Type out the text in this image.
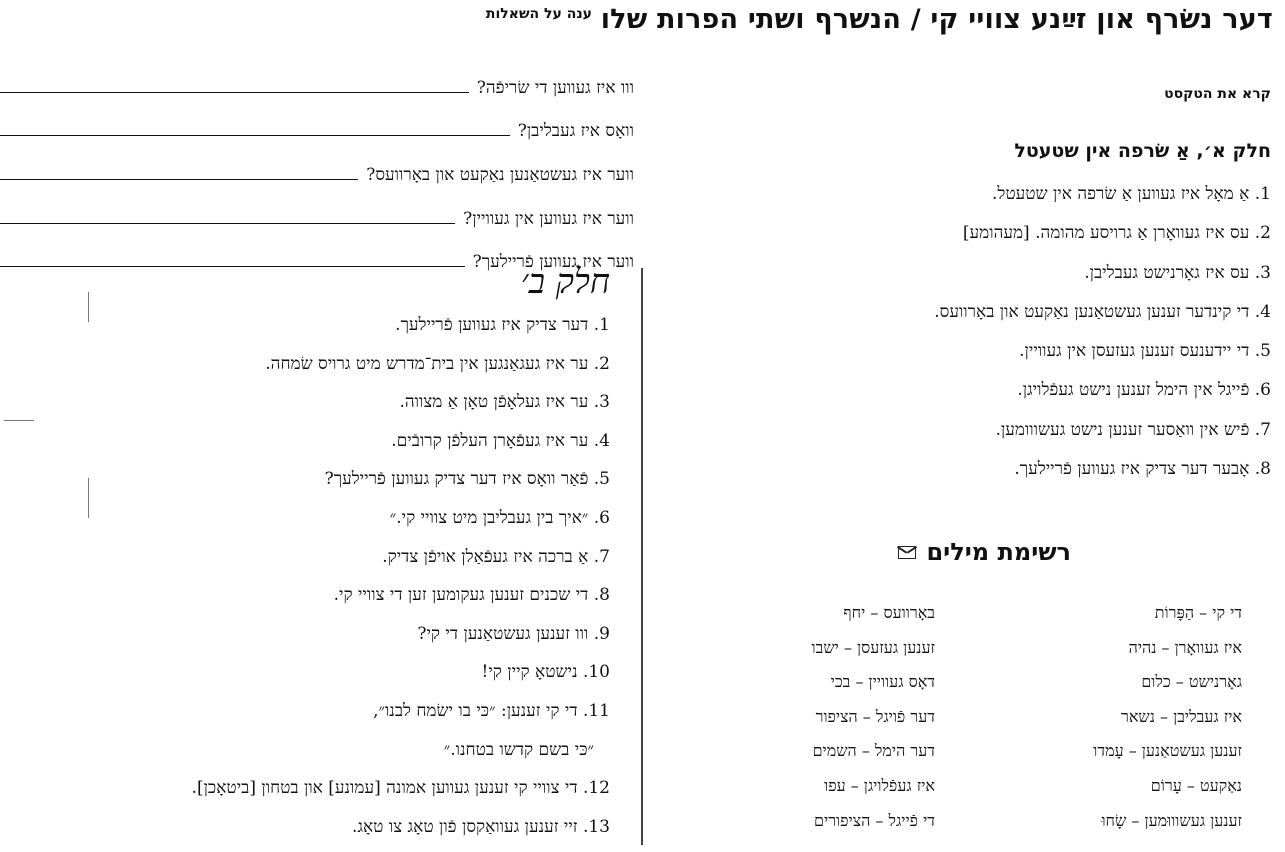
דער נשׂרף און זײַנע צוויי קי / הנשרף ושתי הפרות שלו
קרא את הטקסט
חלק א׳, אַ שׂרפה אין שטעטל
1. אַ מאָל איז געווען אַ שׂרפה אין שטעטל.
2. עס איז געוואָרן אַ גרויסע מהומה. [מעהומע]
3. עס איז גאָרנישט געבליבן.
4. די קינדער זענען געשטאַנען נאַקעט און באָרוועס.
5. די יידענעס זענען געזעסן אין געוויין.
6. פֿייגל אין הימל זענען נישט געפֿלויגן.
7. פֿיש אין וואַסער זענען נישט געשווומען.
8. אָבער דער צדיק איז געווען פֿריילעך.
רשימת מילים
די קי – הַפָּרוֹת
איז געוואָרן – נהיה
גאָרנישט – כלום
איז געבליבן – נשאר
זענען געשטאַנען – עָמדו
נאַקעט – עָרוֹם
זענען געשוווּמען – שָׂחוּ
באָרוועס – יחף
זענען געזעסן – ישבו
דאָס געוויין – בכי
דער פֿויגל – הציפור
דער הימל – השמים
איז געפֿלויגן – עפו
די פֿייגל – הציפורים
ענה על השאלות
ווו איז געווען די שׂריפֿה?
וואָס איז געבליבן?
ווער איז געשטאַנען נאַקעט און באָרוועס?
ווער איז געווען אין געוויין?
ווער איז געווען פֿריילעך?
חלק ב׳
1. דער צדיק איז געווען פֿריילעך.
2. ער איז געגאַנגען אין בית־מדרש מיט גרויס שׂמחה.
3. ער איז געלאָפֿן טאָן אַ מצווה.
4. ער איז געפֿאָרן העלפֿן קרובֿים.
5. פֿאַר וואָס איז דער צדיק געווען פֿריילעך?
6. ״איך בין געבליבן מיט צוויי קי.״
7. אַ ברכה איז געפֿאַלן אויפֿן צדיק.
8. די שכנים זענען געקומען זען די צוויי קי.
9. ווו זענען געשטאַנען די קי?
10. נישטאָ קיין קי!
11. די קי זענען: ״כּי בו ישׂמח לבנו״,
״כּי בשם קדשו בטחנו.״
12. די צוויי קי זענען געווען אמונה [עמונע] און בטחון [ביטאָכן].
13. זיי זענען געוואַקסן פֿון טאָג צו טאָג.
